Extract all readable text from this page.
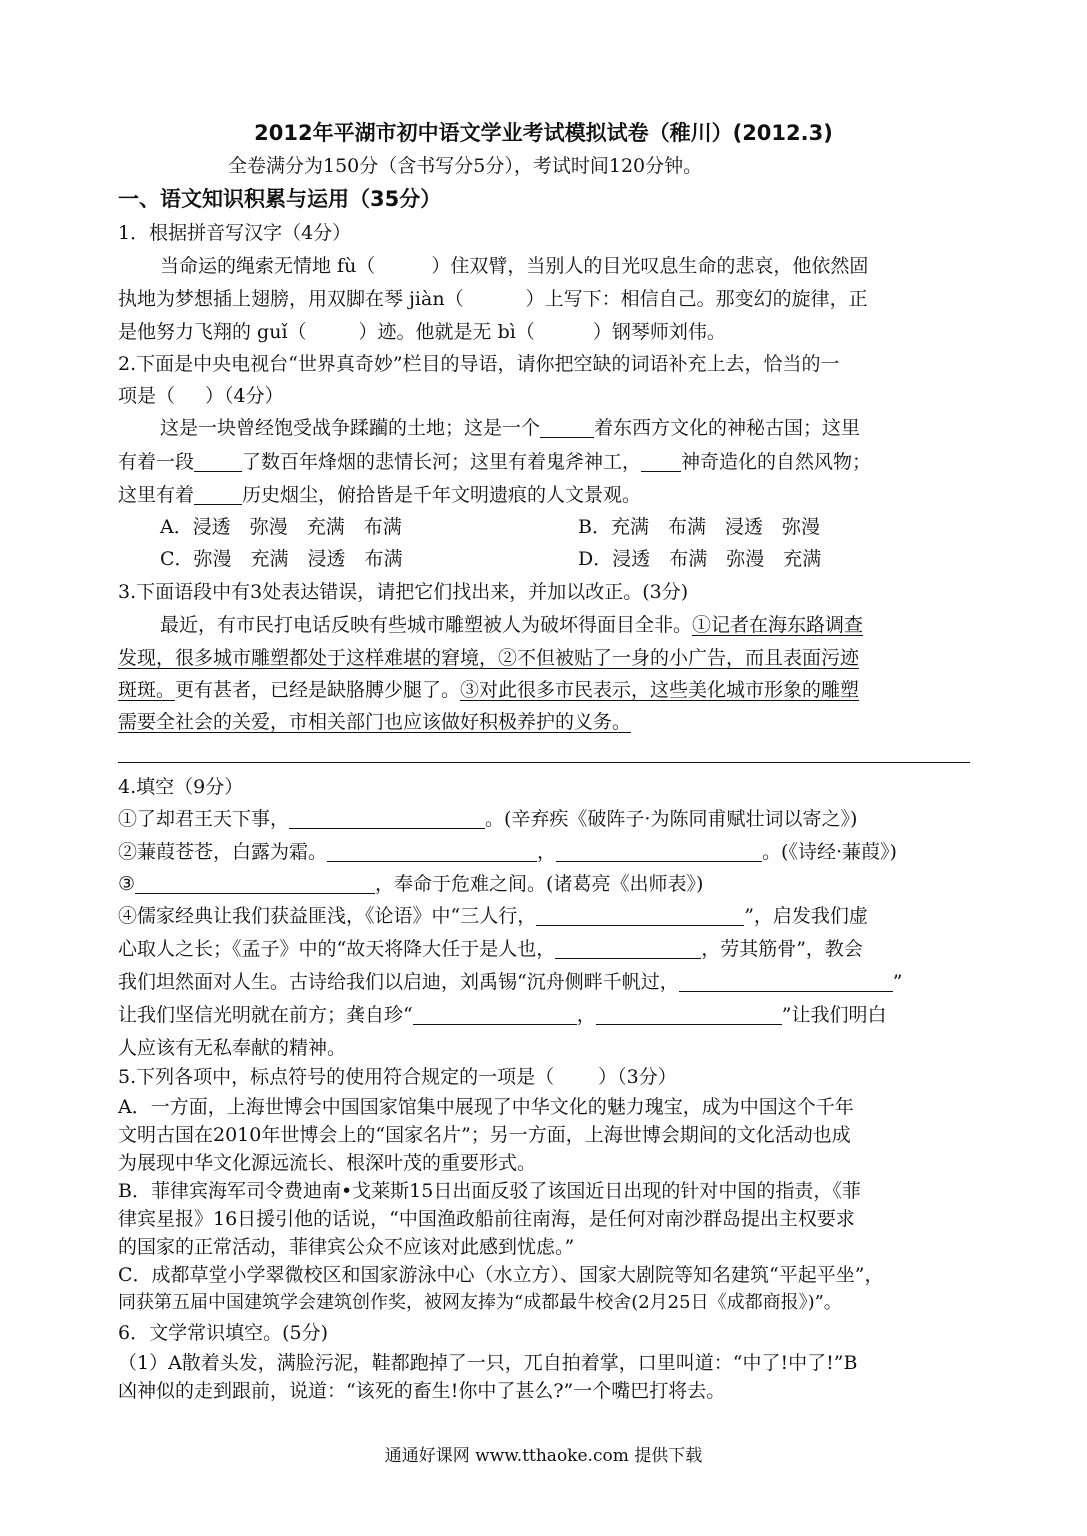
2012年平湖市初中语文学业考试模拟试卷（稚川）(2012.3)
全卷满分为150分（含书写分5分），考试时间120分钟。
一、语文知识积累与运用（35分）
1．根据拼音写汉字（4分）
当命运的绳索无情地 fù（	）住双臂，当别人的目光叹息生命的悲哀，他依然固
执地为梦想插上翅膀，用双脚在琴 jiàn（	）上写下：相信自己。那变幻的旋律，正
是他努力飞翔的 guǐ（	）迹。他就是无 bì（	）钢琴师刘伟。
2.下面是中央电视台“世界真奇妙”栏目的导语，请你把空缺的词语补充上去，恰当的一
项是（ ）（4分）
这是一块曾经饱受战争蹂躏的土地；这是一个	着东西方文化的神秘古国；这里
有着一段	了数百年烽烟的悲情长河；这里有着鬼斧神工， 神奇造化的自然风物；
这里有着	历史烟尘，俯拾皆是千年文明遗痕的人文景观。
A．浸透　弥漫　充满　布满	B．充满　布满　浸透　弥漫
C．弥漫　充满　浸透　布满	D．浸透　布满　弥漫　充满
3.下面语段中有3处表达错误，请把它们找出来，并加以改正。(3分)
最近，有市民打电话反映有些城市雕塑被人为破坏得面目全非。①记者在海东路调查
发现，很多城市雕塑都处于这样难堪的窘境，②不但被贴了一身的小广告，而且表面污迹
斑斑。更有甚者，已经是缺胳膊少腿了。③对此很多市民表示，这些美化城市形象的雕塑
需要全社会的关爱，市相关部门也应该做好积极养护的义务。
4.填空（9分）
①了却君王天下事，	。(辛弃疾《破阵子·为陈同甫赋壮词以寄之》)
②蒹葭苍苍，白露为霜。	，	。(《诗经·蒹葭》)
③	，奉命于危难之间。(诸葛亮《出师表》)
④儒家经典让我们获益匪浅，《论语》中“三人行，	”，启发我们虚
心取人之长；《孟子》中的“故天将降大任于是人也，	，劳其筋骨”，教会
我们坦然面对人生。古诗给我们以启迪，刘禹锡“沉舟侧畔千帆过，	”
让我们坚信光明就在前方；龚自珍“	，	”让我们明白
人应该有无私奉献的精神。
5.下列各项中，标点符号的使用符合规定的一项是（ ）（3分）
A．一方面，上海世博会中国国家馆集中展现了中华文化的魅力瑰宝，成为中国这个千年
文明古国在2010年世博会上的“国家名片”；另一方面，上海世博会期间的文化活动也成
为展现中华文化源远流长、根深叶茂的重要形式。
B．菲律宾海军司令费迪南•戈莱斯15日出面反驳了该国近日出现的针对中国的指责，《菲
律宾星报》16日援引他的话说，“中国渔政船前往南海，是任何对南沙群岛提出主权要求
的国家的正常活动，菲律宾公众不应该对此感到忧虑。”
C．成都草堂小学翠微校区和国家游泳中心（水立方）、国家大剧院等知名建筑“平起平坐”，
同获第五届中国建筑学会建筑创作奖，被网友捧为“成都最牛校舍(2月25日《成都商报》)”。
6．文学常识填空。(5分)
（1）A散着头发，满脸污泥，鞋都跑掉了一只，兀自拍着掌，口里叫道：“中了!中了!”B
凶神似的走到跟前，说道：“该死的畜生!你中了甚么?”一个嘴巴打将去。
通通好课网 www.tthaoke.com 提供下载
